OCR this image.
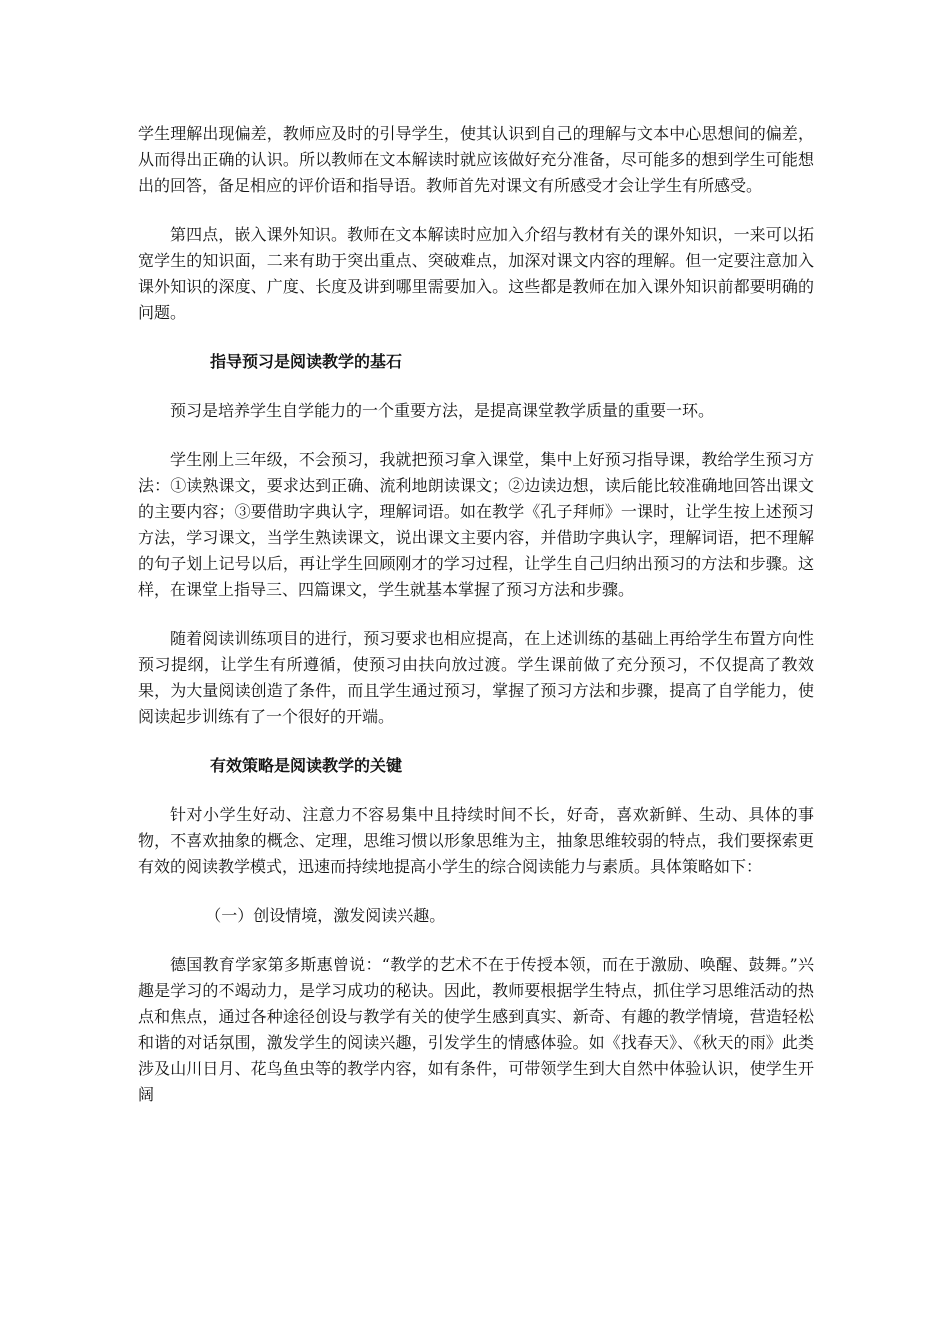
学生理解出现偏差，教师应及时的引导学生，使其认识到自己的理解与文本中心思想间的偏差，从而得出正确的认识。所以教师在文本解读时就应该做好充分准备，尽可能多的想到学生可能想出的回答，备足相应的评价语和指导语。教师首先对课文有所感受才会让学生有所感受。

第四点，嵌入课外知识。教师在文本解读时应加入介绍与教材有关的课外知识，一来可以拓宽学生的知识面，二来有助于突出重点、突破难点，加深对课文内容的理解。但一定要注意加入课外知识的深度、广度、长度及讲到哪里需要加入。这些都是教师在加入课外知识前都要明确的问题。

指导预习是阅读教学的基石

预习是培养学生自学能力的一个重要方法，是提高课堂教学质量的重要一环。

学生刚上三年级，不会预习，我就把预习拿入课堂，集中上好预习指导课，教给学生预习方法：①读熟课文，要求达到正确、流利地朗读课文；②边读边想，读后能比较准确地回答出课文的主要内容；③要借助字典认字，理解词语。如在教学《孔子拜师》一课时，让学生按上述预习方法，学习课文，当学生熟读课文，说出课文主要内容，并借助字典认字，理解词语，把不理解的句子划上记号以后，再让学生回顾刚才的学习过程，让学生自己归纳出预习的方法和步骤。这样，在课堂上指导三、四篇课文，学生就基本掌握了预习方法和步骤。

随着阅读训练项目的进行，预习要求也相应提高，在上述训练的基础上再给学生布置方向性预习提纲，让学生有所遵循，使预习由扶向放过渡。学生课前做了充分预习，不仅提高了教效果，为大量阅读创造了条件，而且学生通过预习，掌握了预习方法和步骤，提高了自学能力，使阅读起步训练有了一个很好的开端。

有效策略是阅读教学的关键

针对小学生好动、注意力不容易集中且持续时间不长，好奇，喜欢新鲜、生动、具体的事物，不喜欢抽象的概念、定理，思维习惯以形象思维为主，抽象思维较弱的特点，我们要探索更有效的阅读教学模式，迅速而持续地提高小学生的综合阅读能力与素质。具体策略如下：

（一）创设情境，激发阅读兴趣。

德国教育学家第多斯惠曾说：“教学的艺术不在于传授本领，而在于激励、唤醒、鼓舞。”兴趣是学习的不竭动力，是学习成功的秘诀。因此，教师要根据学生特点，抓住学习思维活动的热点和焦点，通过各种途径创设与教学有关的使学生感到真实、新奇、有趣的教学情境，营造轻松和谐的对话氛围，激发学生的阅读兴趣，引发学生的情感体验。如《找春天》、《秋天的雨》此类涉及山川日月、花鸟鱼虫等的教学内容，如有条件，可带领学生到大自然中体验认识，使学生开阔
